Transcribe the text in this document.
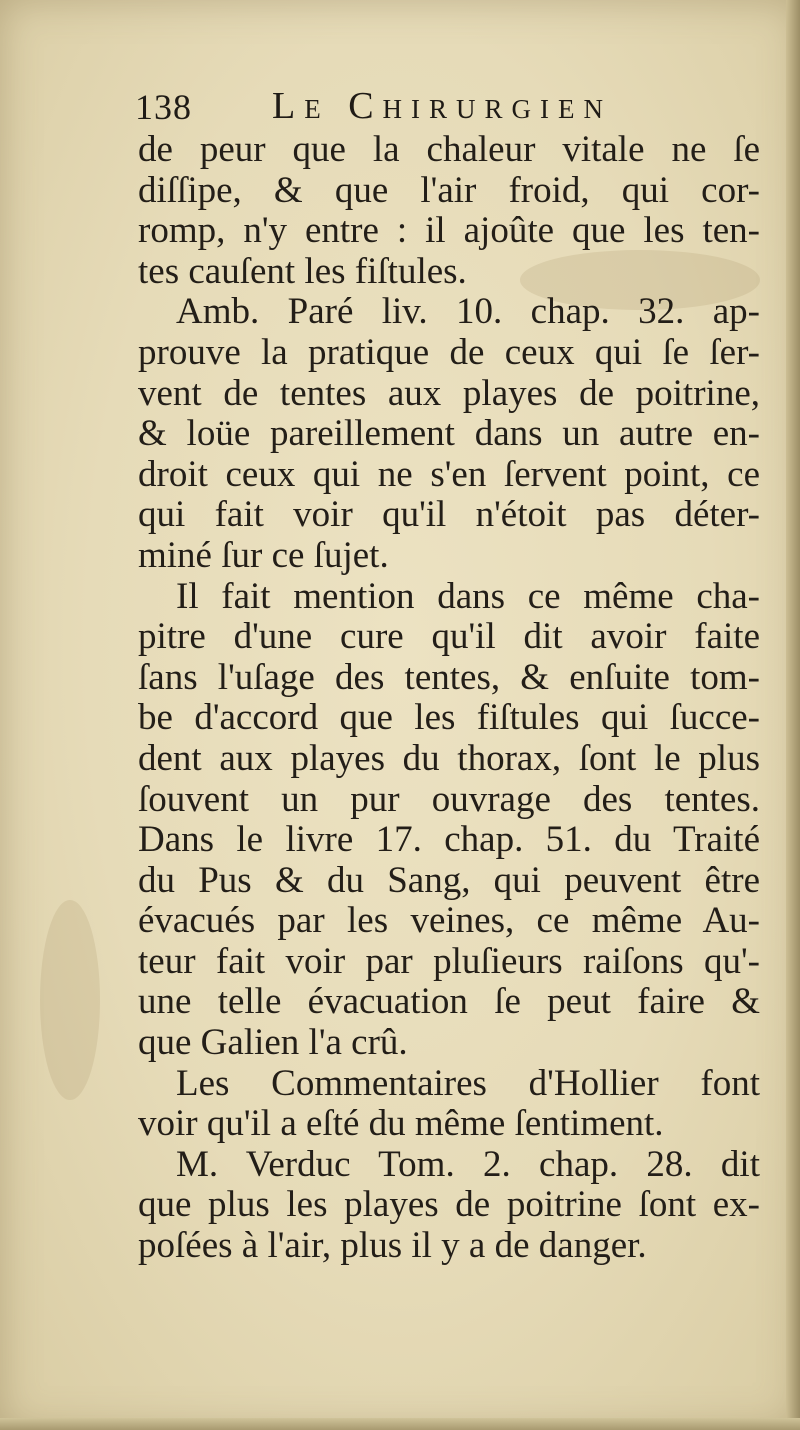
138 Le Chirurgien
de peur que la chaleur vitale ne ſe
diſſipe, & que l'air froid, qui cor-
romp, n'y entre : il ajoûte que les ten-
tes cauſent les fiſtules.
Amb. Paré liv. 10. chap. 32. ap-
prouve la pratique de ceux qui ſe ſer-
vent de tentes aux playes de poitrine,
& loüe pareillement dans un autre en-
droit ceux qui ne s'en ſervent point, ce
qui fait voir qu'il n'étoit pas déter-
miné ſur ce ſujet.
Il fait mention dans ce même cha-
pitre d'une cure qu'il dit avoir faite
ſans l'uſage des tentes, & enſuite tom-
be d'accord que les fiſtules qui ſucce-
dent aux playes du thorax, ſont le plus
ſouvent un pur ouvrage des tentes.
Dans le livre 17. chap. 51. du Traité
du Pus & du Sang, qui peuvent être
évacués par les veines, ce même Au-
teur fait voir par pluſieurs raiſons qu'-
une telle évacuation ſe peut faire &
que Galien l'a crû.
Les Commentaires d'Hollier font
voir qu'il a eſté du même ſentiment.
M. Verduc Tom. 2. chap. 28. dit
que plus les playes de poitrine ſont ex-
poſées à l'air, plus il y a de danger.
